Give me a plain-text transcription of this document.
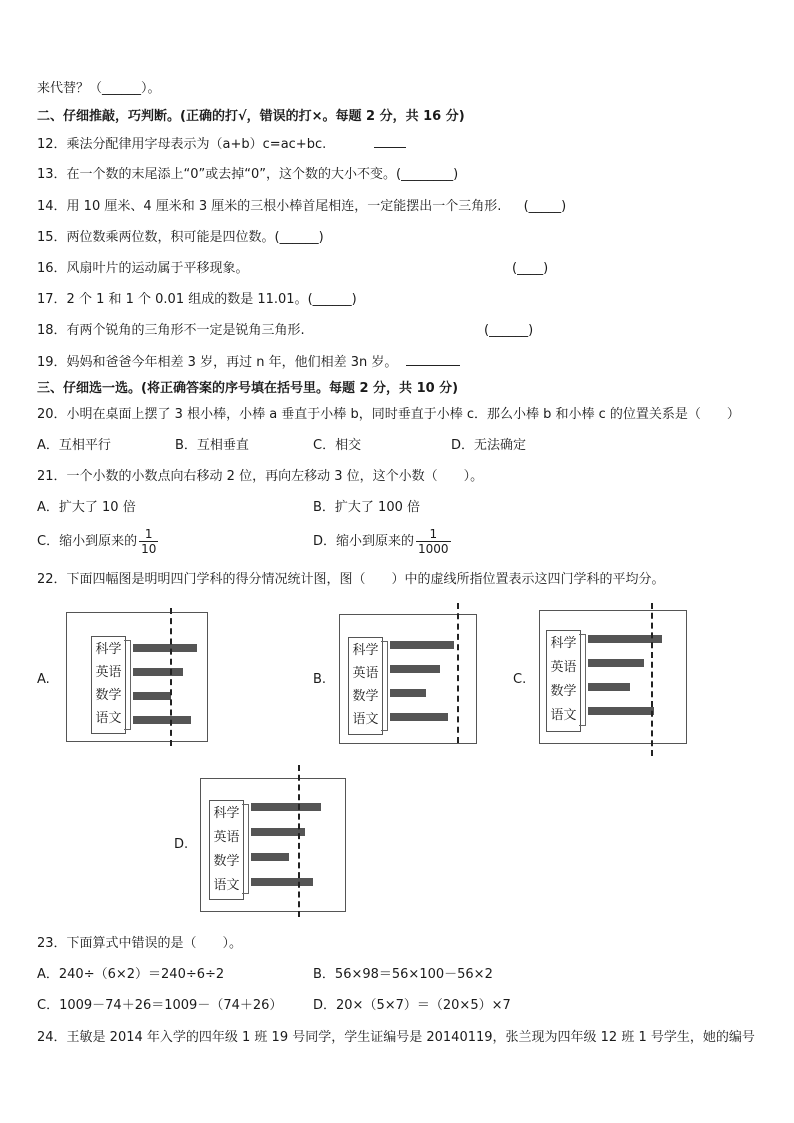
来代替？（______）。
二、仔细推敲，巧判断。(正确的打√，错误的打×。每题 2 分，共 16 分)
12．乘法分配律用字母表示为（a+b）c=ac+bc.
13．在一个数的末尾添上“0”或去掉“0”，这个数的大小不变。(________)
14．用 10 厘米、4 厘米和 3 厘米的三根小棒首尾相连，一定能摆出一个三角形. (_____)
15．两位数乘两位数，积可能是四位数。(______)
16．风扇叶片的运动属于平移现象。	(____)
17．2 个 1 和 1 个 0.01 组成的数是 11.01。(______)
18．有两个锐角的三角形不一定是锐角三角形.	(______)
19．妈妈和爸爸今年相差 3 岁，再过 n 年，他们相差 3n 岁。
三、仔细选一选。(将正确答案的序号填在括号里。每题 2 分，共 10 分)
20．小明在桌面上摆了 3 根小棒，小棒 a 垂直于小棒 b，同时垂直于小棒 c．那么小棒 b 和小棒 c 的位置关系是（　　）
A．互相平行	B．互相垂直	C．相交	D．无法确定
21．一个小数的小数点向右移动 2 位，再向左移动 3 位，这个小数（　　）。
A．扩大了 10 倍	B．扩大了 100 倍
C．缩小到原来的 $\frac{1}{10}$	D．缩小到原来的 $\frac{1}{1000}$
22．下面四幅图是明明四门学科的得分情况统计图，图（　　）中的虚线所指位置表示这四门学科的平均分。
A.
科学
英语
数学
语文
B.
科学
英语
数学
语文
C.
科学
英语
数学
语文
D.
科学
英语
数学
语文
23．下面算式中错误的是（　　）。
A．240÷（6×2）＝240÷6÷2	B．56×98＝56×100－56×2
C．1009－74＋26＝1009－（74＋26） D．20×（5×7）＝（20×5）×7
24．王敏是 2014 年入学的四年级 1 班 19 号同学，学生证编号是 20140119，张兰现为四年级 12 班 1 号学生，她的编号
